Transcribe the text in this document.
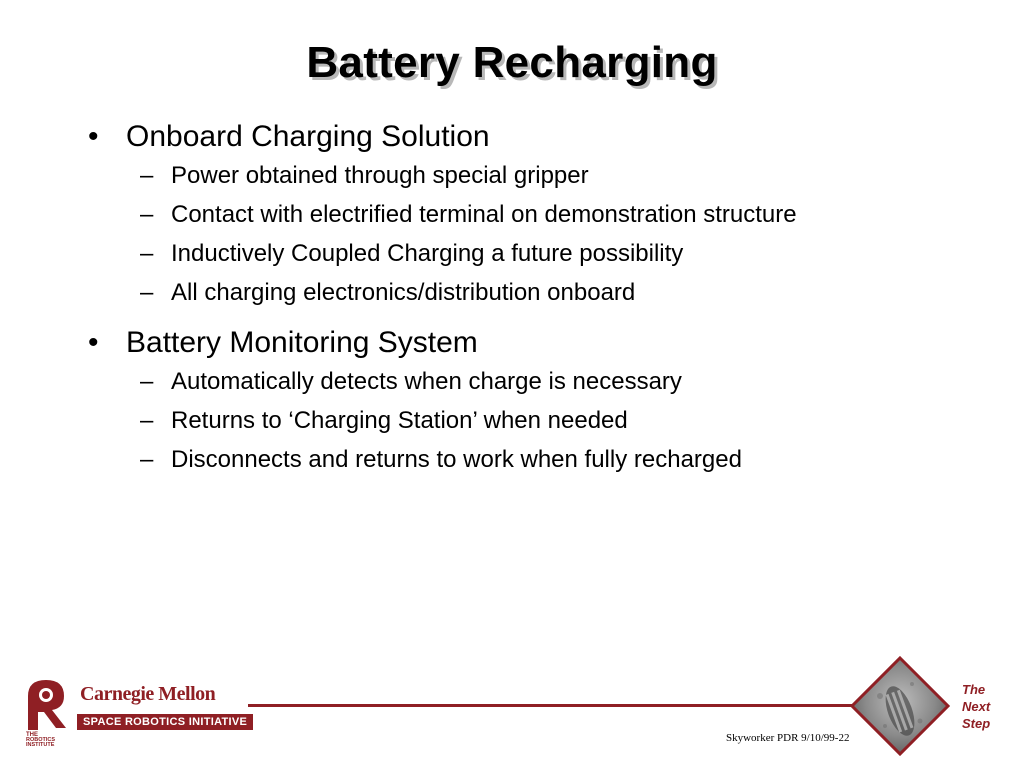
Battery Recharging
• Onboard Charging Solution
– Power obtained through special gripper
– Contact with electrified terminal on demonstration structure
– Inductively Coupled Charging a future possibility
– All charging electronics/distribution onboard
• Battery Monitoring System
– Automatically detects when charge is necessary
– Returns to ‘Charging Station’ when needed
– Disconnects and returns to work when fully recharged
THE
ROBOTICS
INSTITUTE
Carnegie Mellon
SPACE ROBOTICS INITIATIVE
Skyworker PDR 9/10/99-22
The
Next
Step
